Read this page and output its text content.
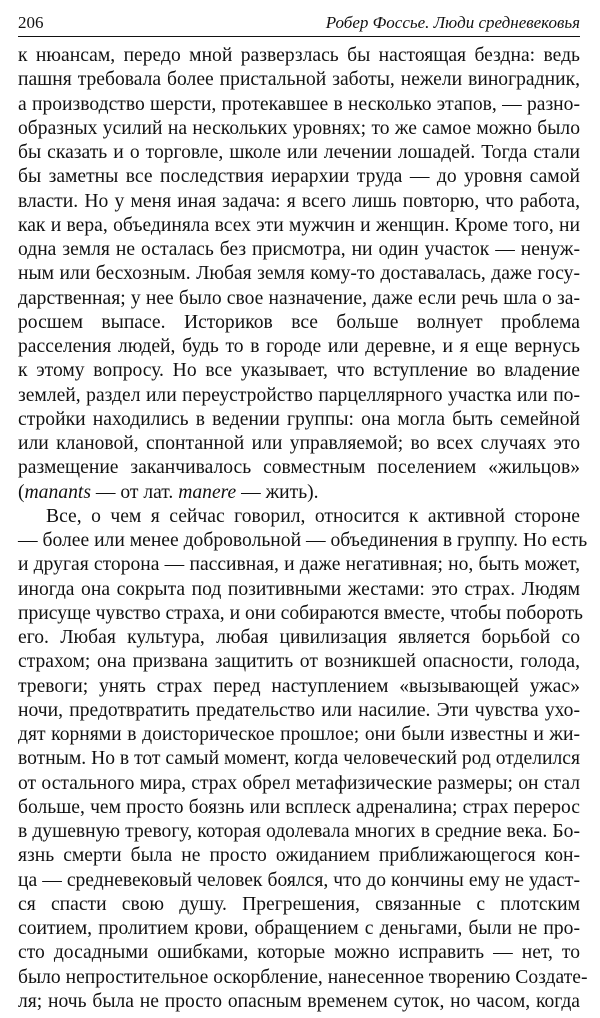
206	Робер Фоссье. Люди средневековья
к нюансам, передо мной разверзлась бы настоящая бездна: ведь
пашня требовала более пристальной заботы, нежели виноградник,
а производство шерсти, протекавшее в несколько этапов, — разно-
образных усилий на нескольких уровнях; то же самое можно было
бы сказать и о торговле, школе или лечении лошадей. Тогда стали
бы заметны все последствия иерархии труда — до уровня самой
власти. Но у меня иная задача: я всего лишь повторю, что работа,
как и вера, объединяла всех эти мужчин и женщин. Кроме того, ни
одна земля не осталась без присмотра, ни один участок — ненуж-
ным или бесхозным. Любая земля кому-то доставалась, даже госу-
дарственная; у нее было свое назначение, даже если речь шла о за-
росшем выпасе. Историков все больше волнует проблема
расселения людей, будь то в городе или деревне, и я еще вернусь
к этому вопросу. Но все указывает, что вступление во владение
землей, раздел или переустройство парцеллярного участка или по-
стройки находились в ведении группы: она могла быть семейной
или клановой, спонтанной или управляемой; во всех случаях это
размещение заканчивалось совместным поселением «жильцов»
(manants — от лат. manere — жить).
Все, о чем я сейчас говорил, относится к активной стороне
— более или менее добровольной — объединения в группу. Но есть
и другая сторона — пассивная, и даже негативная; но, быть может,
иногда она сокрыта под позитивными жестами: это страх. Людям
присуще чувство страха, и они собираются вместе, чтобы побороть
его. Любая культура, любая цивилизация является борьбой со
страхом; она призвана защитить от возникшей опасности, голода,
тревоги; унять страх перед наступлением «вызывающей ужас»
ночи, предотвратить предательство или насилие. Эти чувства ухо-
дят корнями в доисторическое прошлое; они были известны и жи-
вотным. Но в тот самый момент, когда человеческий род отделился
от остального мира, страх обрел метафизические размеры; он стал
больше, чем просто боязнь или всплеск адреналина; страх перерос
в душевную тревогу, которая одолевала многих в средние века. Бо-
язнь смерти была не просто ожиданием приближающегося кон-
ца — средневековый человек боялся, что до кончины ему не удаст-
ся спасти свою душу. Прегрешения, связанные с плотским
соитием, пролитием крови, обращением с деньгами, были не про-
сто досадными ошибками, которые можно исправить — нет, то
было непростительное оскорбление, нанесенное творению Создате-
ля; ночь была не просто опасным временем суток, но часом, когда
